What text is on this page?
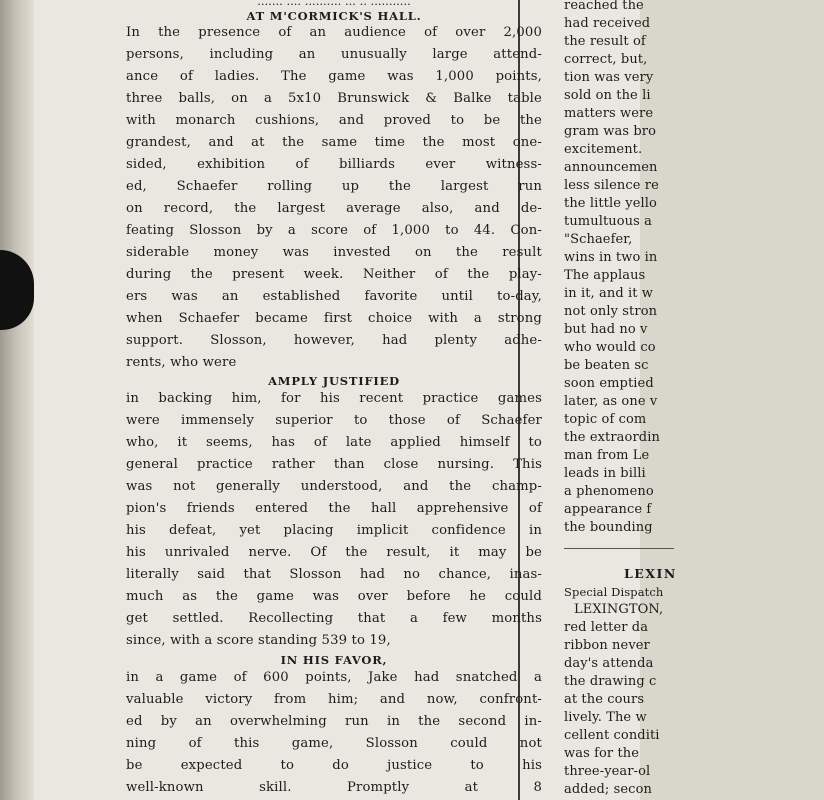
....... .... .......... ... .. ...........
AT M'CORMICK'S HALL.
In the presence of an audience of over 2,000
persons, including an unusually large attend-
ance of ladies. The game was 1,000 points,
three balls, on a 5x10 Brunswick & Balke table
with monarch cushions, and proved to be the
grandest, and at the same time the most one-
sided, exhibition of billiards ever witness-
ed, Schaefer rolling up the largest run
on record, the largest average also, and de-
feating Slosson by a score of 1,000 to 44. Con-
siderable money was invested on the result
during the present week. Neither of the play-
ers was an established favorite until to-day,
when Schaefer became first choice with a strong
support. Slosson, however, had plenty adhe-
rents, who were
AMPLY JUSTIFIED
in backing him, for his recent practice games
were immensely superior to those of Schaefer
who, it seems, has of late applied himself to
general practice rather than close nursing. This
was not generally understood, and the champ-
pion's friends entered the hall apprehensive of
his defeat, yet placing implicit confidence in
his unrivaled nerve. Of the result, it may be
literally said that Slosson had no chance, inas-
much as the game was over before he could
get settled. Recollecting that a few months
since, with a score standing 539 to 19,
IN HIS FAVOR,
in a game of 600 points, Jake had snatched a
valuable victory from him; and now, confront-
ed by an overwhelming run in the second in-
ning of this game, Slosson could not
be expected to do justice to his
well-known skill. Promptly at 8
reached the
had received
the result of
correct, but,
tion was very
sold on the li
matters were
gram was bro
excitement.
announcemen
less silence re
the little yello
tumultuous a
"Schaefer,
wins in two in
The applaus
in it, and it w
not only stron
but had no v
who would co
be beaten sc
soon emptied
later, as one v
topic of com
the extraordin
man from Le
leads in billi
a phenomeno
appearance f
the bounding
LEXIN
Special Dispatch
LEXINGTON,
red letter da
ribbon never
day's attenda
the drawing c
at the cours
lively. The w
cellent conditi
was for the
three-year-ol
added; secon
